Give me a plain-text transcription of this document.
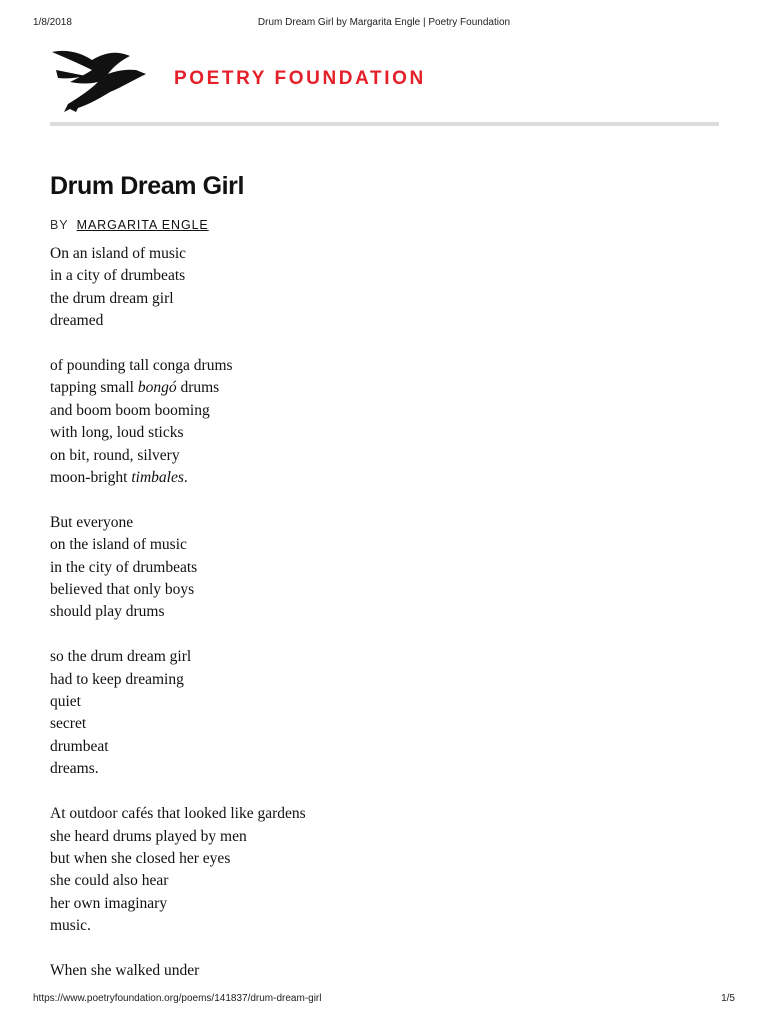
1/8/2018	Drum Dream Girl by Margarita Engle | Poetry Foundation
POETRY FOUNDATION
Drum Dream Girl
BY MARGARITA ENGLE
On an island of music
in a city of drumbeats
the drum dream girl
dreamed
of pounding tall conga drums
tapping small bongó drums
and boom boom booming
with long, loud sticks
on bit, round, silvery
moon-bright timbales.
But everyone
on the island of music
in the city of drumbeats
believed that only boys
should play drums
so the drum dream girl
had to keep dreaming
quiet
secret
drumbeat
dreams.
At outdoor cafés that looked like gardens
she heard drums played by men
but when she closed her eyes
she could also hear
her own imaginary
music.
When she walked under
https://www.poetryfoundation.org/poems/141837/drum-dream-girl	1/5
